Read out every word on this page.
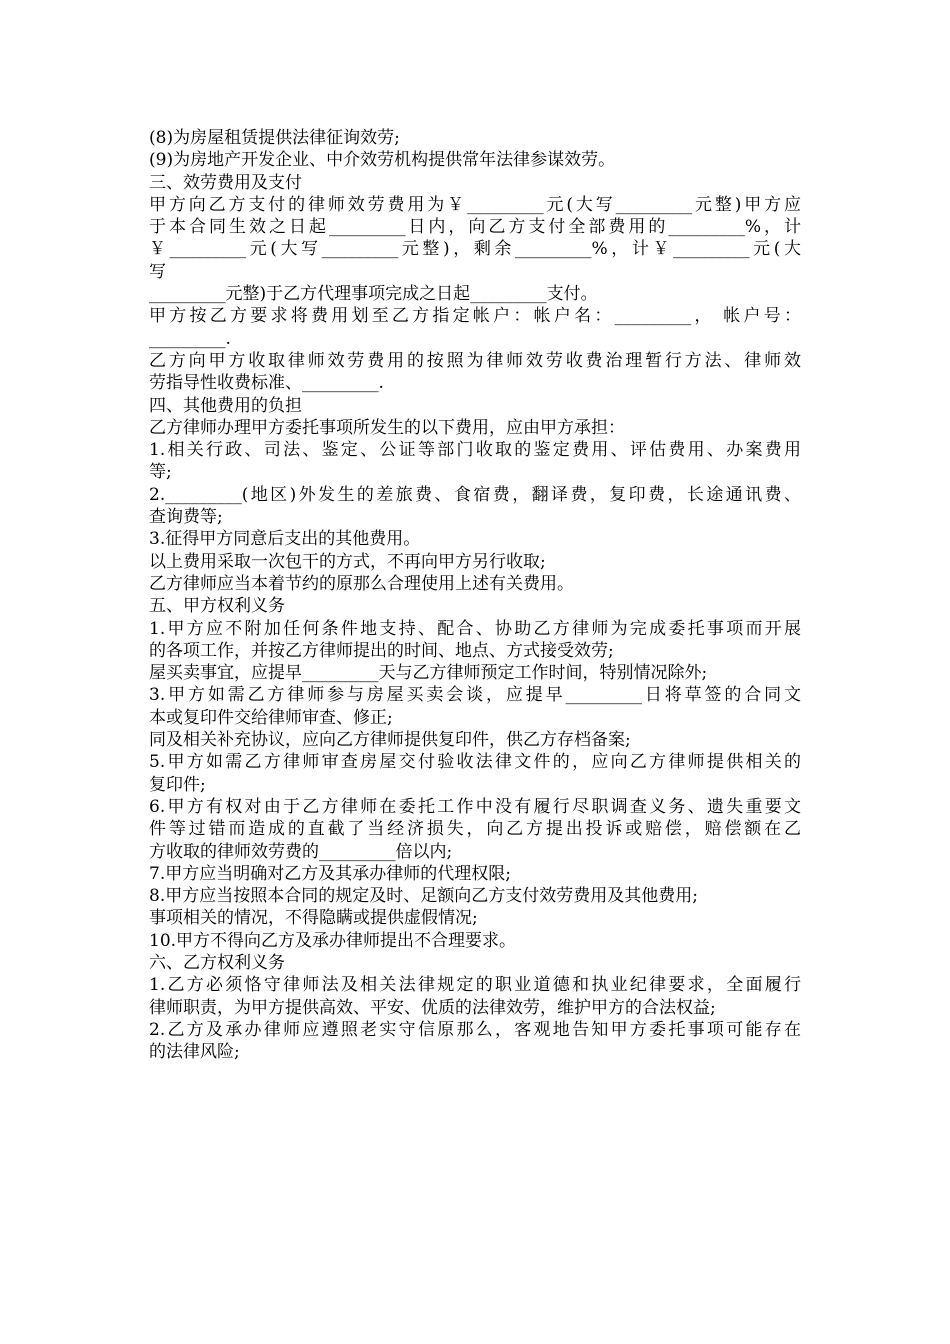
(8)为房屋租赁提供法律征询效劳;
(9)为房地产开发企业、中介效劳机构提供常年法律参谋效劳。
三、效劳费用及支付
甲方向乙方支付的律师效劳费用为￥_________元(大写_________元整)甲方应
于本合同生效之日起_________日内，向乙方支付全部费用的_________%，计
￥_________元(大写_________元整)，剩余_________%，计￥_________元(大
写
_________元整)于乙方代理事项完成之日起_________支付。
甲方按乙方要求将费用划至乙方指定帐户：帐户名：_________， 帐户号：
_________.
乙方向甲方收取律师效劳费用的按照为律师效劳收费治理暂行方法、律师效
劳指导性收费标准、_________.
四、其他费用的负担
乙方律师办理甲方委托事项所发生的以下费用，应由甲方承担：
1.相关行政、司法、鉴定、公证等部门收取的鉴定费用、评估费用、办案费用
等;
2._________(地区)外发生的差旅费、食宿费，翻译费，复印费，长途通讯费、
查询费等;
3.征得甲方同意后支出的其他费用。
以上费用采取一次包干的方式，不再向甲方另行收取;
乙方律师应当本着节约的原那么合理使用上述有关费用。
五、甲方权利义务
1.甲方应不附加任何条件地支持、配合、协助乙方律师为完成委托事项而开展
的各项工作，并按乙方律师提出的时间、地点、方式接受效劳;
屋买卖事宜，应提早_________天与乙方律师预定工作时间，特别情况除外;
3.甲方如需乙方律师参与房屋买卖会谈，应提早_________日将草签的合同文
本或复印件交给律师审查、修正;
同及相关补充协议，应向乙方律师提供复印件，供乙方存档备案;
5.甲方如需乙方律师审查房屋交付验收法律文件的，应向乙方律师提供相关的
复印件;
6.甲方有权对由于乙方律师在委托工作中没有履行尽职调查义务、遗失重要文
件等过错而造成的直截了当经济损失，向乙方提出投诉或赔偿，赔偿额在乙
方收取的律师效劳费的_________倍以内;
7.甲方应当明确对乙方及其承办律师的代理权限;
8.甲方应当按照本合同的规定及时、足额向乙方支付效劳费用及其他费用;
事项相关的情况，不得隐瞒或提供虚假情况;
10.甲方不得向乙方及承办律师提出不合理要求。
六、乙方权利义务
1.乙方必须恪守律师法及相关法律规定的职业道德和执业纪律要求，全面履行
律师职责，为甲方提供高效、平安、优质的法律效劳，维护甲方的合法权益;
2.乙方及承办律师应遵照老实守信原那么，客观地告知甲方委托事项可能存在
的法律风险;
